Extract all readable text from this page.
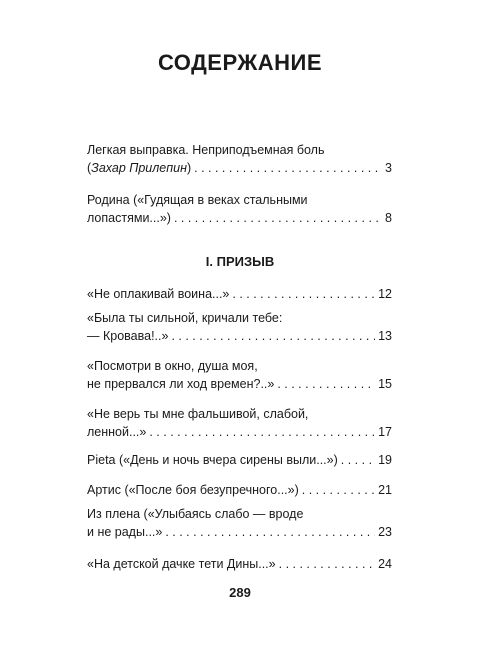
СОДЕРЖАНИЕ
Легкая выправка. Неприподъемная боль
(Захар Прилепин) . . .	3
Родина («Гудящая в веках стальными
лопастями...») . . .	8
I. ПРИЗЫВ
«Не оплакивай воина...» . . .	12
«Была ты сильной, кричали тебе:
— Кровава!..» . . .	13
«Посмотри в окно, душа моя,
не прервался ли ход времен?..» . . .	15
«Не верь ты мне фальшивой, слабой,
ленной...» . . .	17
Pieta («День и ночь вчера сирены выли...») . . .	19
Артис («После боя безупречного...») . . .	21
Из плена («Улыбаясь слабо — вроде
и не рады...» . . .	23
«На детской дачке тети Дины...» . . .	24
289
